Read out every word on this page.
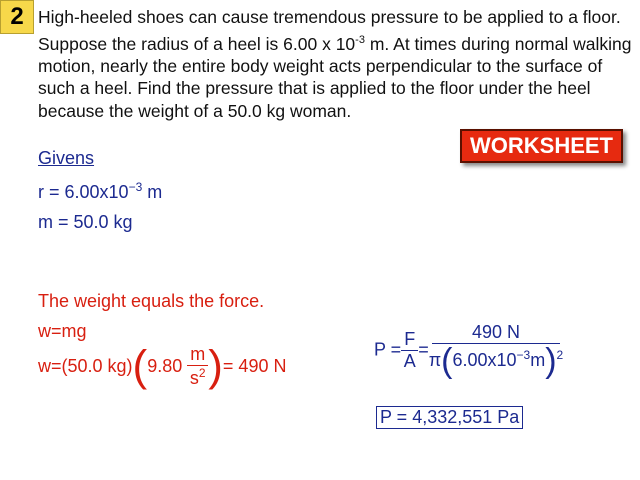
2 High-heeled shoes can cause tremendous pressure to be applied to a floor. Suppose the radius of a heel is 6.00 x $10^{-3}$ m. At times during normal walking motion, nearly the entire body weight acts perpendicular to the surface of such a heel. Find the pressure that is applied to the floor under the heel because the weight of a 50.0 kg woman.
WORKSHEET
Givens
$r = 6.00x10^{-3}$ m
m = 50.0 kg
The weight equals the force.
w=mg
w=(50.0 $kg)(9.80 \frac{m}{s^2}$ )= 490 N
$P = \frac{F}{A} = \frac{490 N}{\pi(6.00x10^{-3}m)^2}$
P = 4,332,551 Pa
